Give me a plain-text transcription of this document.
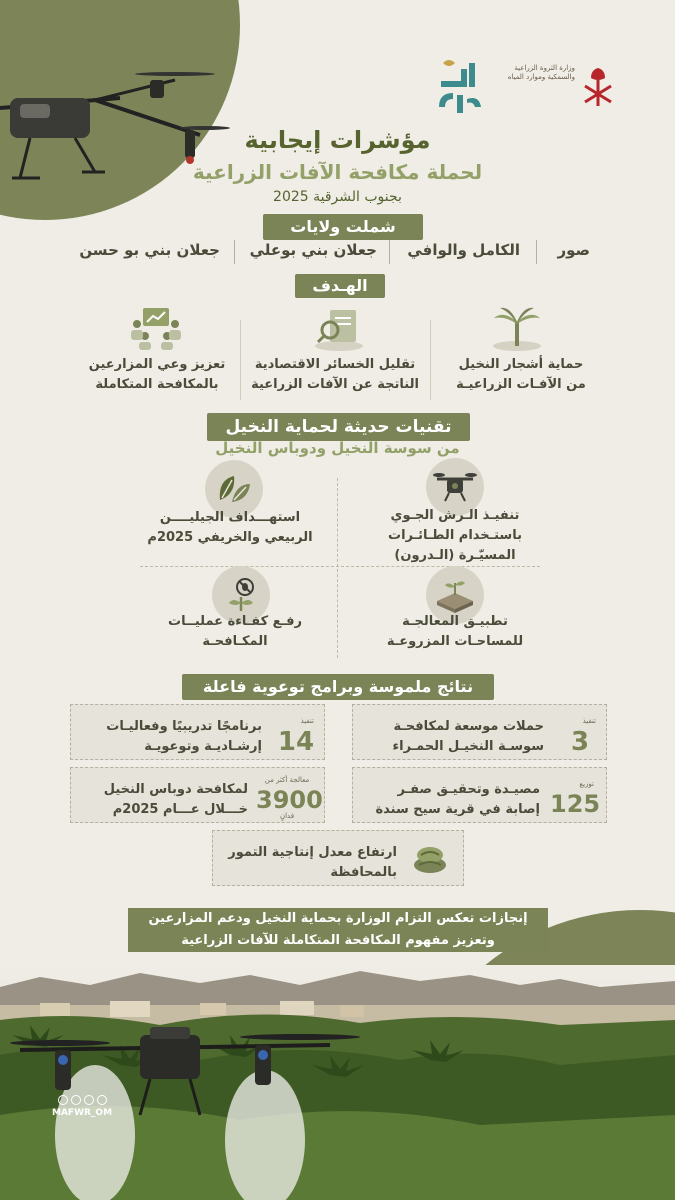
وزارة الثروة الزراعية والسمكية وموارد المياه
مؤشرات إيجابية
لحملة مكافحة الآفات الزراعية
بجنوب الشرقية 2025
شملت ولايات
صور
الكامل والوافي
جعلان بني بوعلي
جعلان بني بو حسن
الهـدف
حماية أشجار النخيل
من الآفـات الزراعيـة
تقليل الخسائر الاقتصادية
الناتجة عن الآفات الزراعية
تعزيز وعي المزارعين
بالمكافحة المتكاملة
تقنيات حديثة لحماية النخيل
من سوسة النخيل ودوباس النخيل
تنفيـذ الـرش الجـوي
باستـخدام الطـائـرات
المسيّـرة (الـدرون)
استهـــداف الجيليــــن
الربيعي والخريفي 2025م
تطبيـق المعالجـة
للمساحـات المزروعـة
رفـع كفـاءة عمليــات
المكـافحـة
نتائج ملموسة وبرامج توعوية فاعلة
تنفيذ
3
حملات موسعة لمكافحـة
سوسـة النخيـل الحمـراء
تنفيذ
14
برنامجًا تدريبيًا وفعاليـات
إرشـاديـة وتوعويـة
توزيع
125
مصيـدة وتحقيـق صفـر
إصابة في قرية سيح سندة
معالجة أكثر من
3900
فدانٍ
لمكافحة دوباس النخيل
خـــلال عـــام 2025م
ارتفاع معدل إنتاجية التمور
بالمحافظة
إنجازات تعكس التزام الوزارة بحماية النخيل ودعم المزارعين
وتعزيز مفهوم المكافحة المتكاملة للآفات الزراعية
MAFWR_OM
